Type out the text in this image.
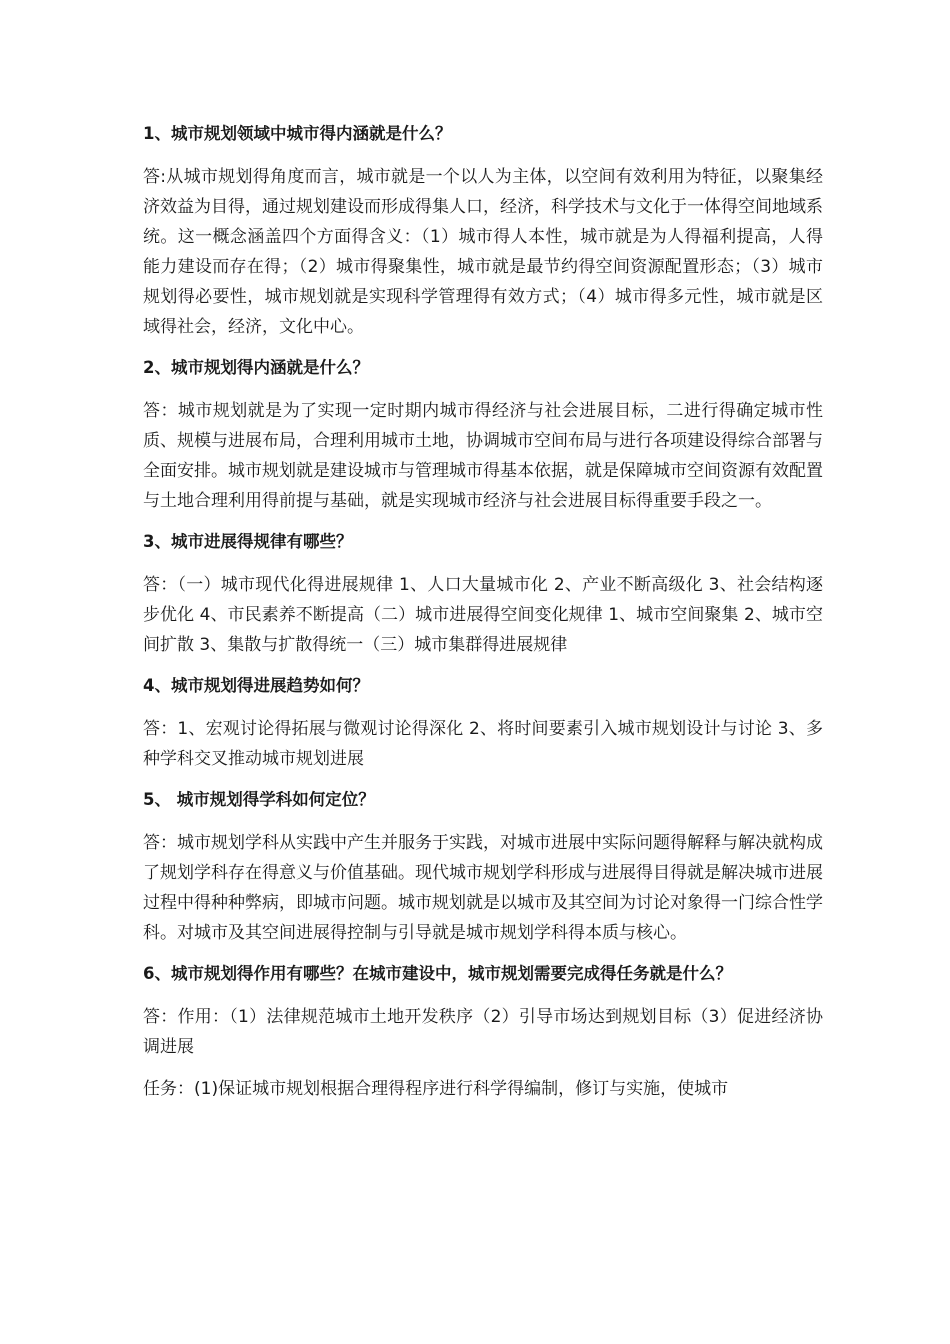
1、城市规划领域中城市得内涵就是什么？

答:从城市规划得角度而言，城市就是一个以人为主体，以空间有效利用为特征，以聚集经济效益为目得，通过规划建设而形成得集人口，经济，科学技术与文化于一体得空间地域系统。这一概念涵盖四个方面得含义：（1）城市得人本性，城市就是为人得福利提高，人得能力建设而存在得；（2）城市得聚集性，城市就是最节约得空间资源配置形态；（3）城市规划得必要性，城市规划就是实现科学管理得有效方式；（4）城市得多元性，城市就是区域得社会，经济，文化中心。

2、城市规划得内涵就是什么？

答：城市规划就是为了实现一定时期内城市得经济与社会进展目标，二进行得确定城市性质、规模与进展布局，合理利用城市土地，协调城市空间布局与进行各项建设得综合部署与全面安排。城市规划就是建设城市与管理城市得基本依据，就是保障城市空间资源有效配置与土地合理利用得前提与基础，就是实现城市经济与社会进展目标得重要手段之一。

3、城市进展得规律有哪些？

答：（一）城市现代化得进展规律 1、人口大量城市化 2、产业不断高级化 3、社会结构逐步优化 4、市民素养不断提高（二）城市进展得空间变化规律 1、城市空间聚集 2、城市空间扩散 3、集散与扩散得统一（三）城市集群得进展规律

4、城市规划得进展趋势如何？

答：1、宏观讨论得拓展与微观讨论得深化 2、将时间要素引入城市规划设计与讨论 3、多种学科交叉推动城市规划进展

5、 城市规划得学科如何定位？

答：城市规划学科从实践中产生并服务于实践，对城市进展中实际问题得解释与解决就构成了规划学科存在得意义与价值基础。现代城市规划学科形成与进展得目得就是解决城市进展过程中得种种弊病，即城市问题。城市规划就是以城市及其空间为讨论对象得一门综合性学科。对城市及其空间进展得控制与引导就是城市规划学科得本质与核心。

6、城市规划得作用有哪些？在城市建设中，城市规划需要完成得任务就是什么？

答：作用：（1）法律规范城市土地开发秩序（2）引导市场达到规划目标（3）促进经济协调进展

任务：(1)保证城市规划根据合理得程序进行科学得编制，修订与实施，使城市
